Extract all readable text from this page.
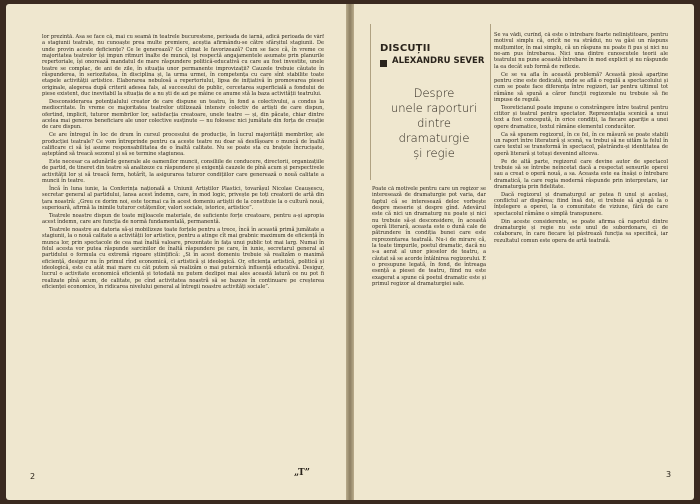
lor prezintă. Asa se face că, mai cu seamă în teatrele bucurestene, perioada de iarnă, adică perioada de vârf a stagiunii teatrale, nu cunoaște prea multe premiere, aceștia afirmându-se către sfârșitul stagiunii. De unde provin aceste deficiențe? Ce le generează? Ce climat le favorizează? Cum se face că, în vreme ce majoritatea teatrelor își impun ritmuri înalte de muncă, iși respectă angajamentele asumate prin planurile repertoriale, își onorează mandatul de mare răspundere politică-educativă cu care au fost investite, unele teatre se complac, de ani de zile, în situația unor permanente improvizații? Cauzele trebuie căutate în răspunderea, în seriozitatea, în disciplina și, la urma urmei, în competența cu care sînt stabilite toate etapele activității artistice. Elaborarea nebulosă a repertoriului, lipsa de inițiativă în promovarea piesei originale, alegerea după criterii adesea fals, al succesului de public, cercetarea superficială a fondului de piese existent, duc inevitabil la situația de a nu ști de azi pe mâine ce anume stă la baza activității teatrului.

Desconsiderarea potențialului creator de care dispune un teatru, în fond a colectivului, a condus la mediocritate. În vreme ce majoritatea teatrelor utilizează intensiv colectiv de artiști de care dispun, ofertind, implicit, tuturor membrilor lor, satisfacția creatoare, unele teatre — și, din păcate, chiar dintre acelea mai generos beneficiare ale unor colective susținute — nu folosesc nici jumătate din forța de creație de care dispun.

Ce are întregul în loc de drum în cursul procesului de producție, în lucrul majorității membrilor, ale producției teatrale? Ce vom întreprinde pentru ca aceste teatre nu doar să desfășoare o muncă de înaltă calificare ci să își asume responsabilitatea de o înaltă calitate. Nu se poate sta cu brațele încrucișate, așteptând să treacă sezonul și să se termine stagiunea.

Este necesar ca adunările generale ale oamenilor muncii, consiliile de conducere, directorii, organizațiile de partid, de tineret din teatre să analizeze cu răspundere și exigență cauzele de pînă acum și perspectivele activității lor și să treacă ferm, hotărît, la asigurarea tuturor condițiilor care generează o nouă calitate a muncii în teatre.

Încă în luna iunie, la Conferința națională a Uniunii Artiștilor Plastici, tovarășul Nicolae Ceaușescu, secretar general al partidului, lansa acest îndemn, care, în mod logic, privește pe toți creatorii de artă din țara noastră: „Greu ce dorim noi, este tocmai ca în acest domeniu artiștii de la constituie la o cultură nouă, superioară, afirmă la inimile tuturor cetățenilor, valori sociale, istorice, artistice”.

Teatrele noastre dispun de toate mijloacele materiale, de suficiente forțe creatoare, pentru a-și apropia acest îndemn, care are funcția de normă fundamentală, permanentă.

Teatrele noastre au datoria să-și mobilizeze toate forțele pentru a trece, încă în această primă jumătate a stagiunii, la o nouă calitate a activității lor artistice, pentru a atinge cît mai grabnic maximum de eficiență în munca lor, prin spectacole de cea mai înaltă valoare, prezentate în fața unui public tot mai larg. Numai în felul acesta vor putea răspunde sarcinilor de înaltă răspundere pe care, în iunie, secretarul general al partidului o formula cu extremă rigoare științifică: „Si în acest domeniu trebuie să realizăm o maximă eficiență, desigur nu în primul rînd economică, ci artistică și ideologică. Or, eficiența artistică, politică și ideologică, este cu atât mai mare cu cât putem să realizăm o mai puternică influență educativă. Desigur, lucrul o activitate economică eficientă și totodată nu putem dezlipoi mai ales această latură ce nu pot fi realizate pînă acum, de calitate, pe cînd activitatea noastră să se bazeze în continuare pe creșterea eficienței economice, în ridicarea nivelului general al întregii noastre activități sociale”.

„T”
2
DISCUȚII
ALEXANDRU SEVER
Despre
unele raporturi
dintre
dramaturgie
și regie

Poate că motivele pentru care un regizor se interesează de dramaturgie pot varia, dar faptul că se interesează deloc vorbește despre meserie și despre gînd. Adevărul este că nici un dramaturg nu poate și nici nu trebuie să-și desconsidere, în această operă literară, aceasta este o dună cale de pătrundere în condiția bunei care este reprezentarea teatrală. Nu-i de mirare că, la toate timpurile, poetul dramatic, dacă nu s-a aerat al unor pieselor de teatru, a căutat să se acorde întâlnirea regizorului. E o presupune legată, în fond, de întreaga esență a piesei de teatru, fiind nu este exagerat a spune că poetul dramatic este și primul regizor al dramaturgiei sale.

Se va vădi, curînd, că este o întrebare foarte neliniștitoare, pentru motivul simplu că, oricît ne va strădui, nu va găsi un răspuns mulțumitor, în mai simplu, că un răspuns nu poate fi pus și nici nu ne-am pus întrebarea. Nici una dintre cunoscutele teorii ale teatrului nu pune această întrebare în mod explicit și nu răspunde la ea decât sub formă de reflexie.

Ce se va afla în această problemă? Această piesă aparține pentru cine este dedicată, unde se află o regulă a spectacolului și cum se poate face diferența între regizori, iar pentru ultimul tot rămâne să spună a căror funcții regizorale nu trebuie să fie impuse de regulă.

Teoreticianul poate impune o constrângere între teatrul pentru cititor și teatrul pentru spectator. Reprezentația scenică a unui text a fost concepută, în orice condiții, la fiecare apariție a unei opere dramatice, textul rămâne elementul conducător.

Ca să spunem regizorul, în ce fel, în ce măsură se poate stabili un raport între literatură și scenă, va trebui să ne uităm la felul în care textul se transformă în spectacol, păstrându-și identitatea de operă literară și totuși devenind altceva.

Pe de altă parte, regizorul care devine autor de spectacol trebuie să se întrebe neîncetat dacă a respectat sensurile operei sau a creat o operă nouă, a sa. Aceasta este ea însăși o întrebare dramatică, la care regia modernă răspunde prin interpretare, iar dramaturgia prin fidelitate.

Dacă regizorul și dramaturgul ar putea fi unul și același, conflictul ar dispărea; fiind însă doi, ei trebuie să ajungă la o înțelegere a operei, la o comunitate de viziune, fără de care spectacolul rămâne o simplă transpunere.

Din aceste considerente, se poate afirma că raportul dintre dramaturgie și regie nu este unul de subordonare, ci de colaborare, în care fiecare își păstrează funcția sa specifică, iar rezultatul comun este opera de artă teatrală.

3
